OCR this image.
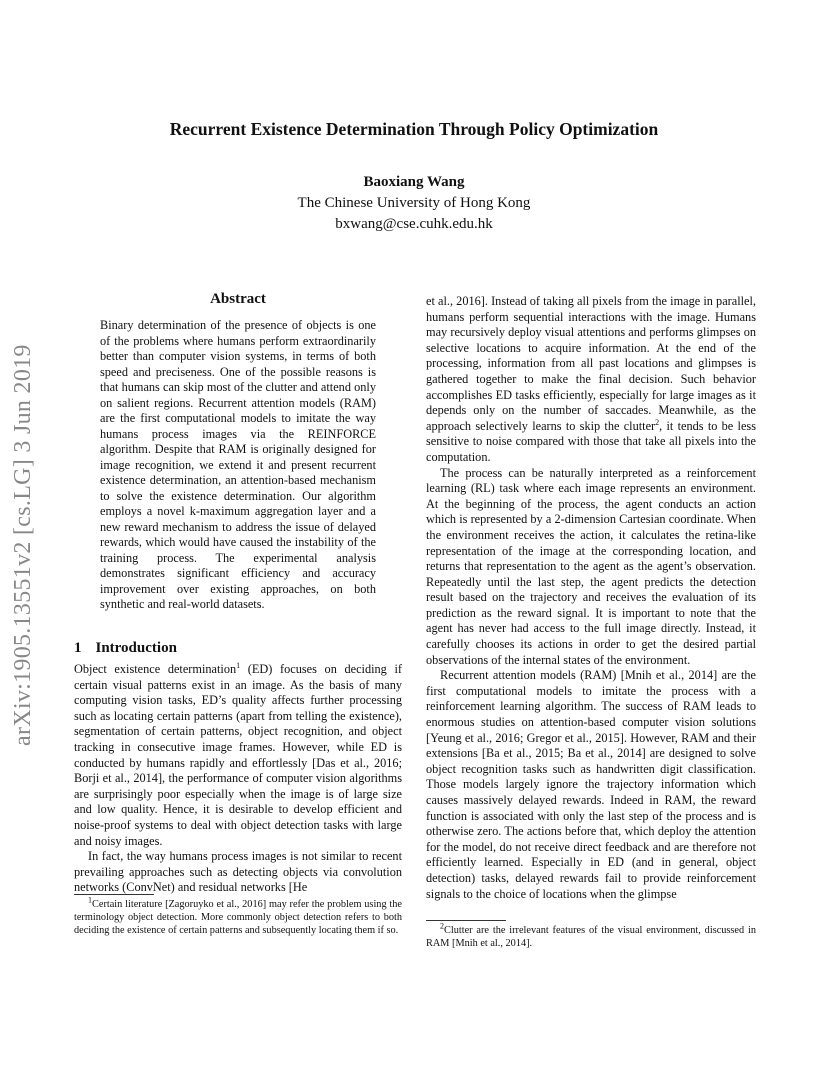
arXiv:1905.13551v2 [cs.LG] 3 Jun 2019
Recurrent Existence Determination Through Policy Optimization
Baoxiang Wang
The Chinese University of Hong Kong
bxwang@cse.cuhk.edu.hk
Abstract
Binary determination of the presence of objects is one of the problems where humans perform extraordinarily better than computer vision systems, in terms of both speed and preciseness. One of the possible reasons is that humans can skip most of the clutter and attend only on salient regions. Recurrent attention models (RAM) are the first computational models to imitate the way humans process images via the REINFORCE algorithm. Despite that RAM is originally designed for image recognition, we extend it and present recurrent existence determination, an attention-based mechanism to solve the existence determination. Our algorithm employs a novel k-maximum aggregation layer and a new reward mechanism to address the issue of delayed rewards, which would have caused the instability of the training process. The experimental analysis demonstrates significant efficiency and accuracy improvement over existing approaches, on both synthetic and real-world datasets.
1 Introduction

Object existence determination$^1$ (ED) focuses on deciding if certain visual patterns exist in an image. As the basis of many computing vision tasks, ED’s quality affects further processing such as locating certain patterns (apart from telling the existence), segmentation of certain patterns, object recognition, and object tracking in consecutive image frames. However, while ED is conducted by humans rapidly and effortlessly [Das et al., 2016; Borji et al., 2014], the performance of computer vision algorithms are surprisingly poor especially when the image is of large size and low quality. Hence, it is desirable to develop efficient and noise-proof systems to deal with object detection tasks with large and noisy images.

In fact, the way humans process images is not similar to recent prevailing approaches such as detecting objects via convolution networks (ConvNet) and residual networks [He

et al., 2016]. Instead of taking all pixels from the image in parallel, humans perform sequential interactions with the image. Humans may recursively deploy visual attentions and performs glimpses on selective locations to acquire information. At the end of the processing, information from all past locations and glimpses is gathered together to make the final decision. Such behavior accomplishes ED tasks efficiently, especially for large images as it depends only on the number of saccades. Meanwhile, as the approach selectively learns to skip the clutter$^2$, it tends to be less sensitive to noise compared with those that take all pixels into the computation.

The process can be naturally interpreted as a reinforcement learning (RL) task where each image represents an environment. At the beginning of the process, the agent conducts an action which is represented by a 2-dimension Cartesian coordinate. When the environment receives the action, it calculates the retina-like representation of the image at the corresponding location, and returns that representation to the agent as the agent’s observation. Repeatedly until the last step, the agent predicts the detection result based on the trajectory and receives the evaluation of its prediction as the reward signal. It is important to note that the agent has never had access to the full image directly. Instead, it carefully chooses its actions in order to get the desired partial observations of the internal states of the environment.

Recurrent attention models (RAM) [Mnih et al., 2014] are the first computational models to imitate the process with a reinforcement learning algorithm. The success of RAM leads to enormous studies on attention-based computer vision solutions [Yeung et al., 2016; Gregor et al., 2015]. However, RAM and their extensions [Ba et al., 2015; Ba et al., 2014] are designed to solve object recognition tasks such as handwritten digit classification. Those models largely ignore the trajectory information which causes massively delayed rewards. Indeed in RAM, the reward function is associated with only the last step of the process and is otherwise zero. The actions before that, which deploy the attention for the model, do not receive direct feedback and are therefore not efficiently learned. Especially in ED (and in general, object detection) tasks, delayed rewards fail to provide reinforcement signals to the choice of locations when the glimpse

$^1$Certain literature [Zagoruyko et al., 2016] may refer the problem using the terminology object detection. More commonly object detection refers to both deciding the existence of certain patterns and subsequently locating them if so.	$^2$Clutter are the irrelevant features of the visual environment, discussed in RAM [Mnih et al., 2014].
